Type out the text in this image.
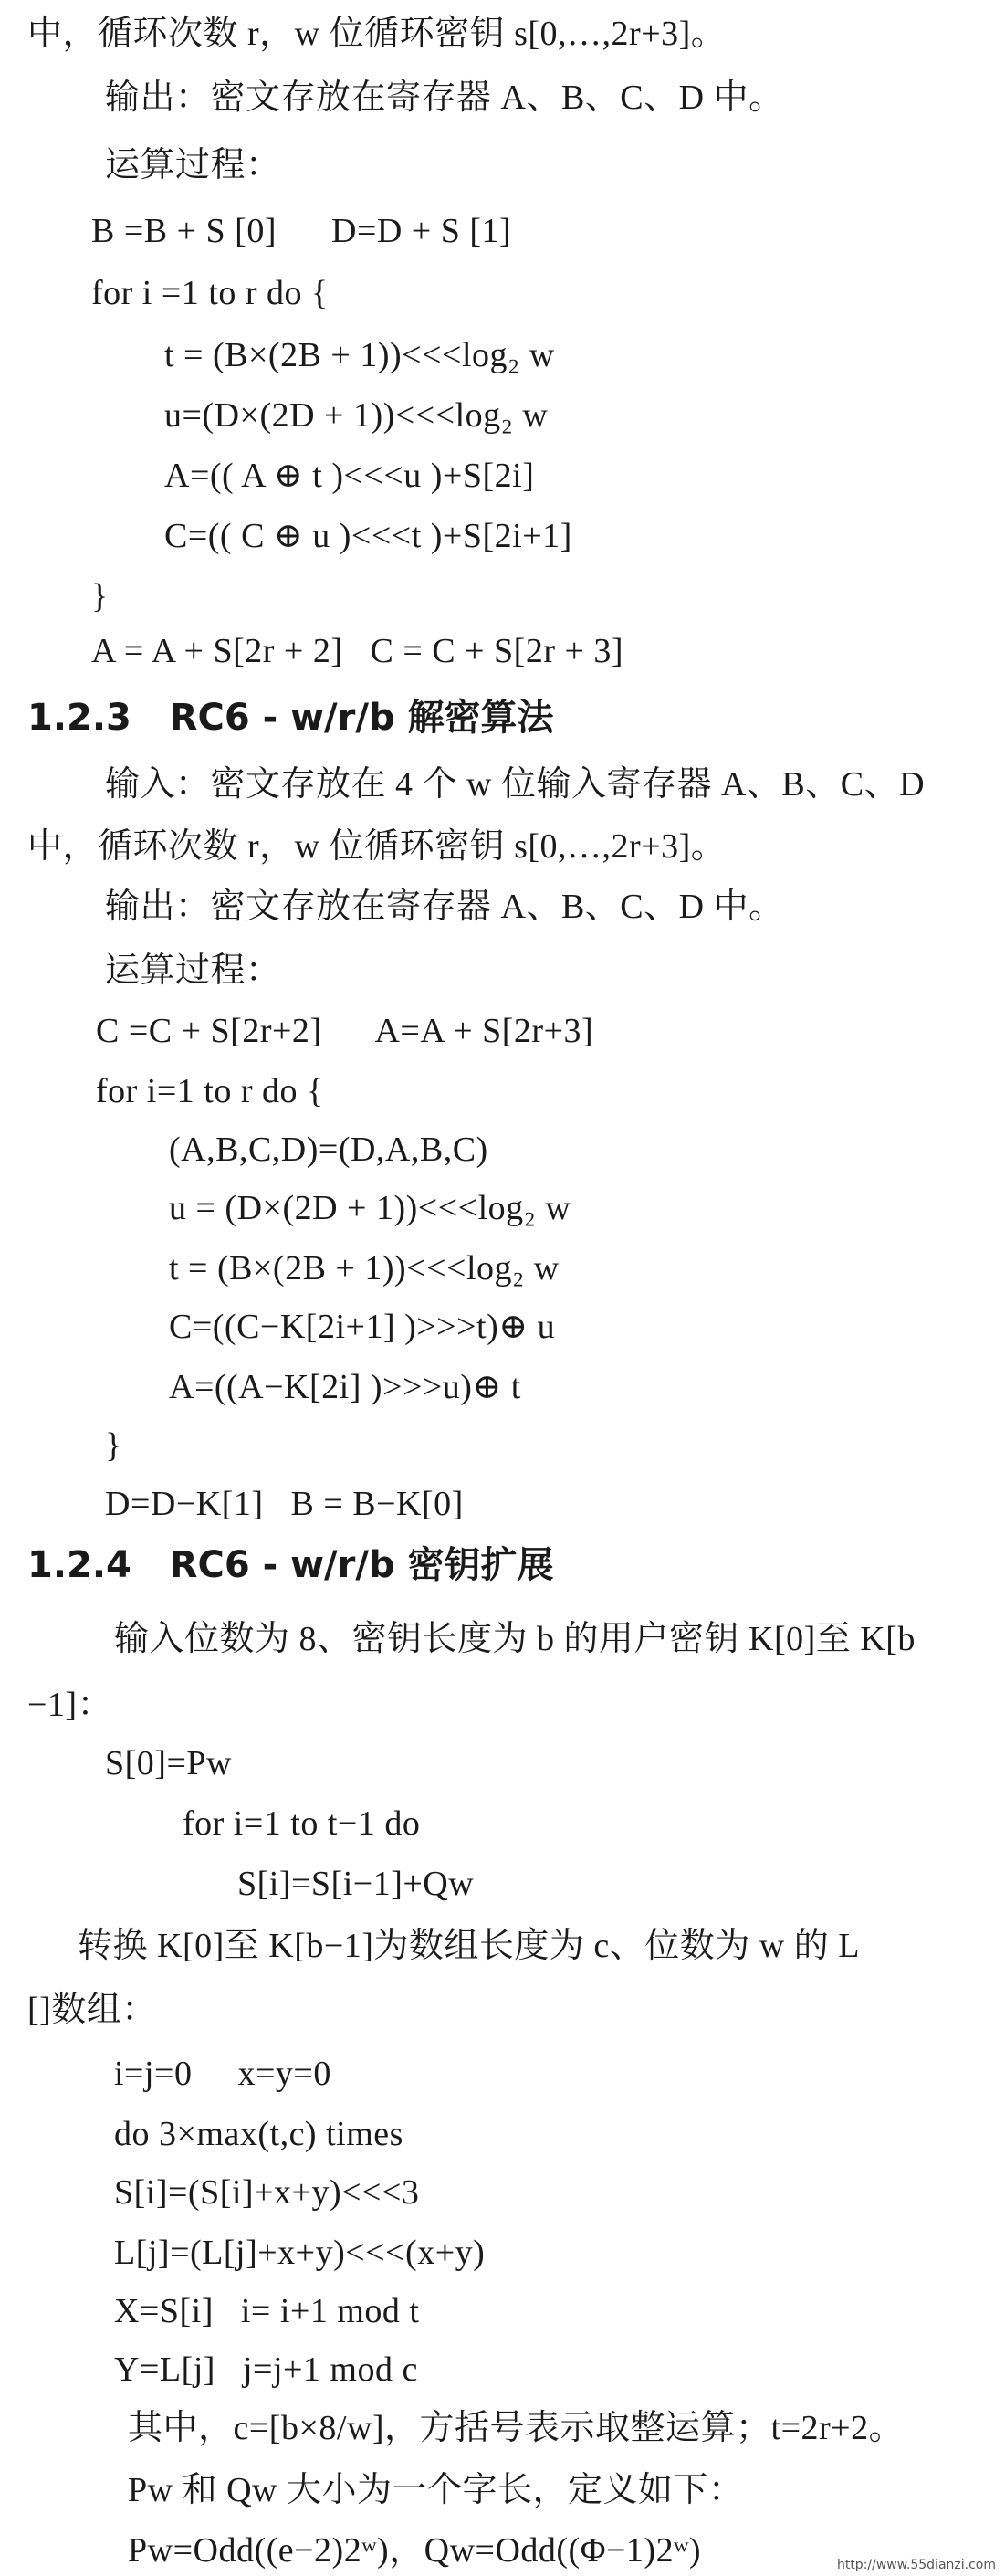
中，循环次数 r，w 位循环密钥 s[0,…,2r+3]。
输出：密文存放在寄存器 A、B、C、D 中。
运算过程：
B =B + S [0]      D=D + S [1]
for i =1 to r do {
t = (B×(2B + 1))<<<log₂ w
u=(D×(2D + 1))<<<log₂ w
A=(( A ⊕ t )<<<u )+S[2i]
C=(( C ⊕ u )<<<t )+S[2i+1]
}
A = A + S[2r + 2]   C = C + S[2r + 3]
1.2.3   RC6 - w/r/b 解密算法
输入：密文存放在 4 个 w 位输入寄存器 A、B、C、D
中，循环次数 r，w 位循环密钥 s[0,…,2r+3]。
输出：密文存放在寄存器 A、B、C、D 中。
运算过程：
C =C + S[2r+2]      A=A + S[2r+3]
for i=1 to r do {
(A,B,C,D)=(D,A,B,C)
u = (D×(2D + 1))<<<log₂ w
t = (B×(2B + 1))<<<log₂ w
C=((C−K[2i+1] )>>>t)⊕ u
A=((A−K[2i] )>>>u)⊕ t
}
D=D−K[1]   B = B−K[0]
1.2.4   RC6 - w/r/b 密钥扩展
输入位数为 8、密钥长度为 b 的用户密钥 K[0]至 K[b
−1]：
S[0]=Pw
for i=1 to t−1 do
S[i]=S[i−1]+Qw
转换 K[0]至 K[b−1]为数组长度为 c、位数为 w 的 L
[]数组：
i=j=0     x=y=0
do 3×max(t,c) times
S[i]=(S[i]+x+y)<<<3
L[j]=(L[j]+x+y)<<<(x+y)
X=S[i]   i= i+1 mod t
Y=L[j]   j=j+1 mod c
其中，c=[b×8/w]，方括号表示取整运算；t=2r+2。
Pw 和 Qw 大小为一个字长，定义如下：
Pw=Odd((e−2)2ʷ)，Qw=Odd((Φ−1)2ʷ)	http://www.55dianzi.com
